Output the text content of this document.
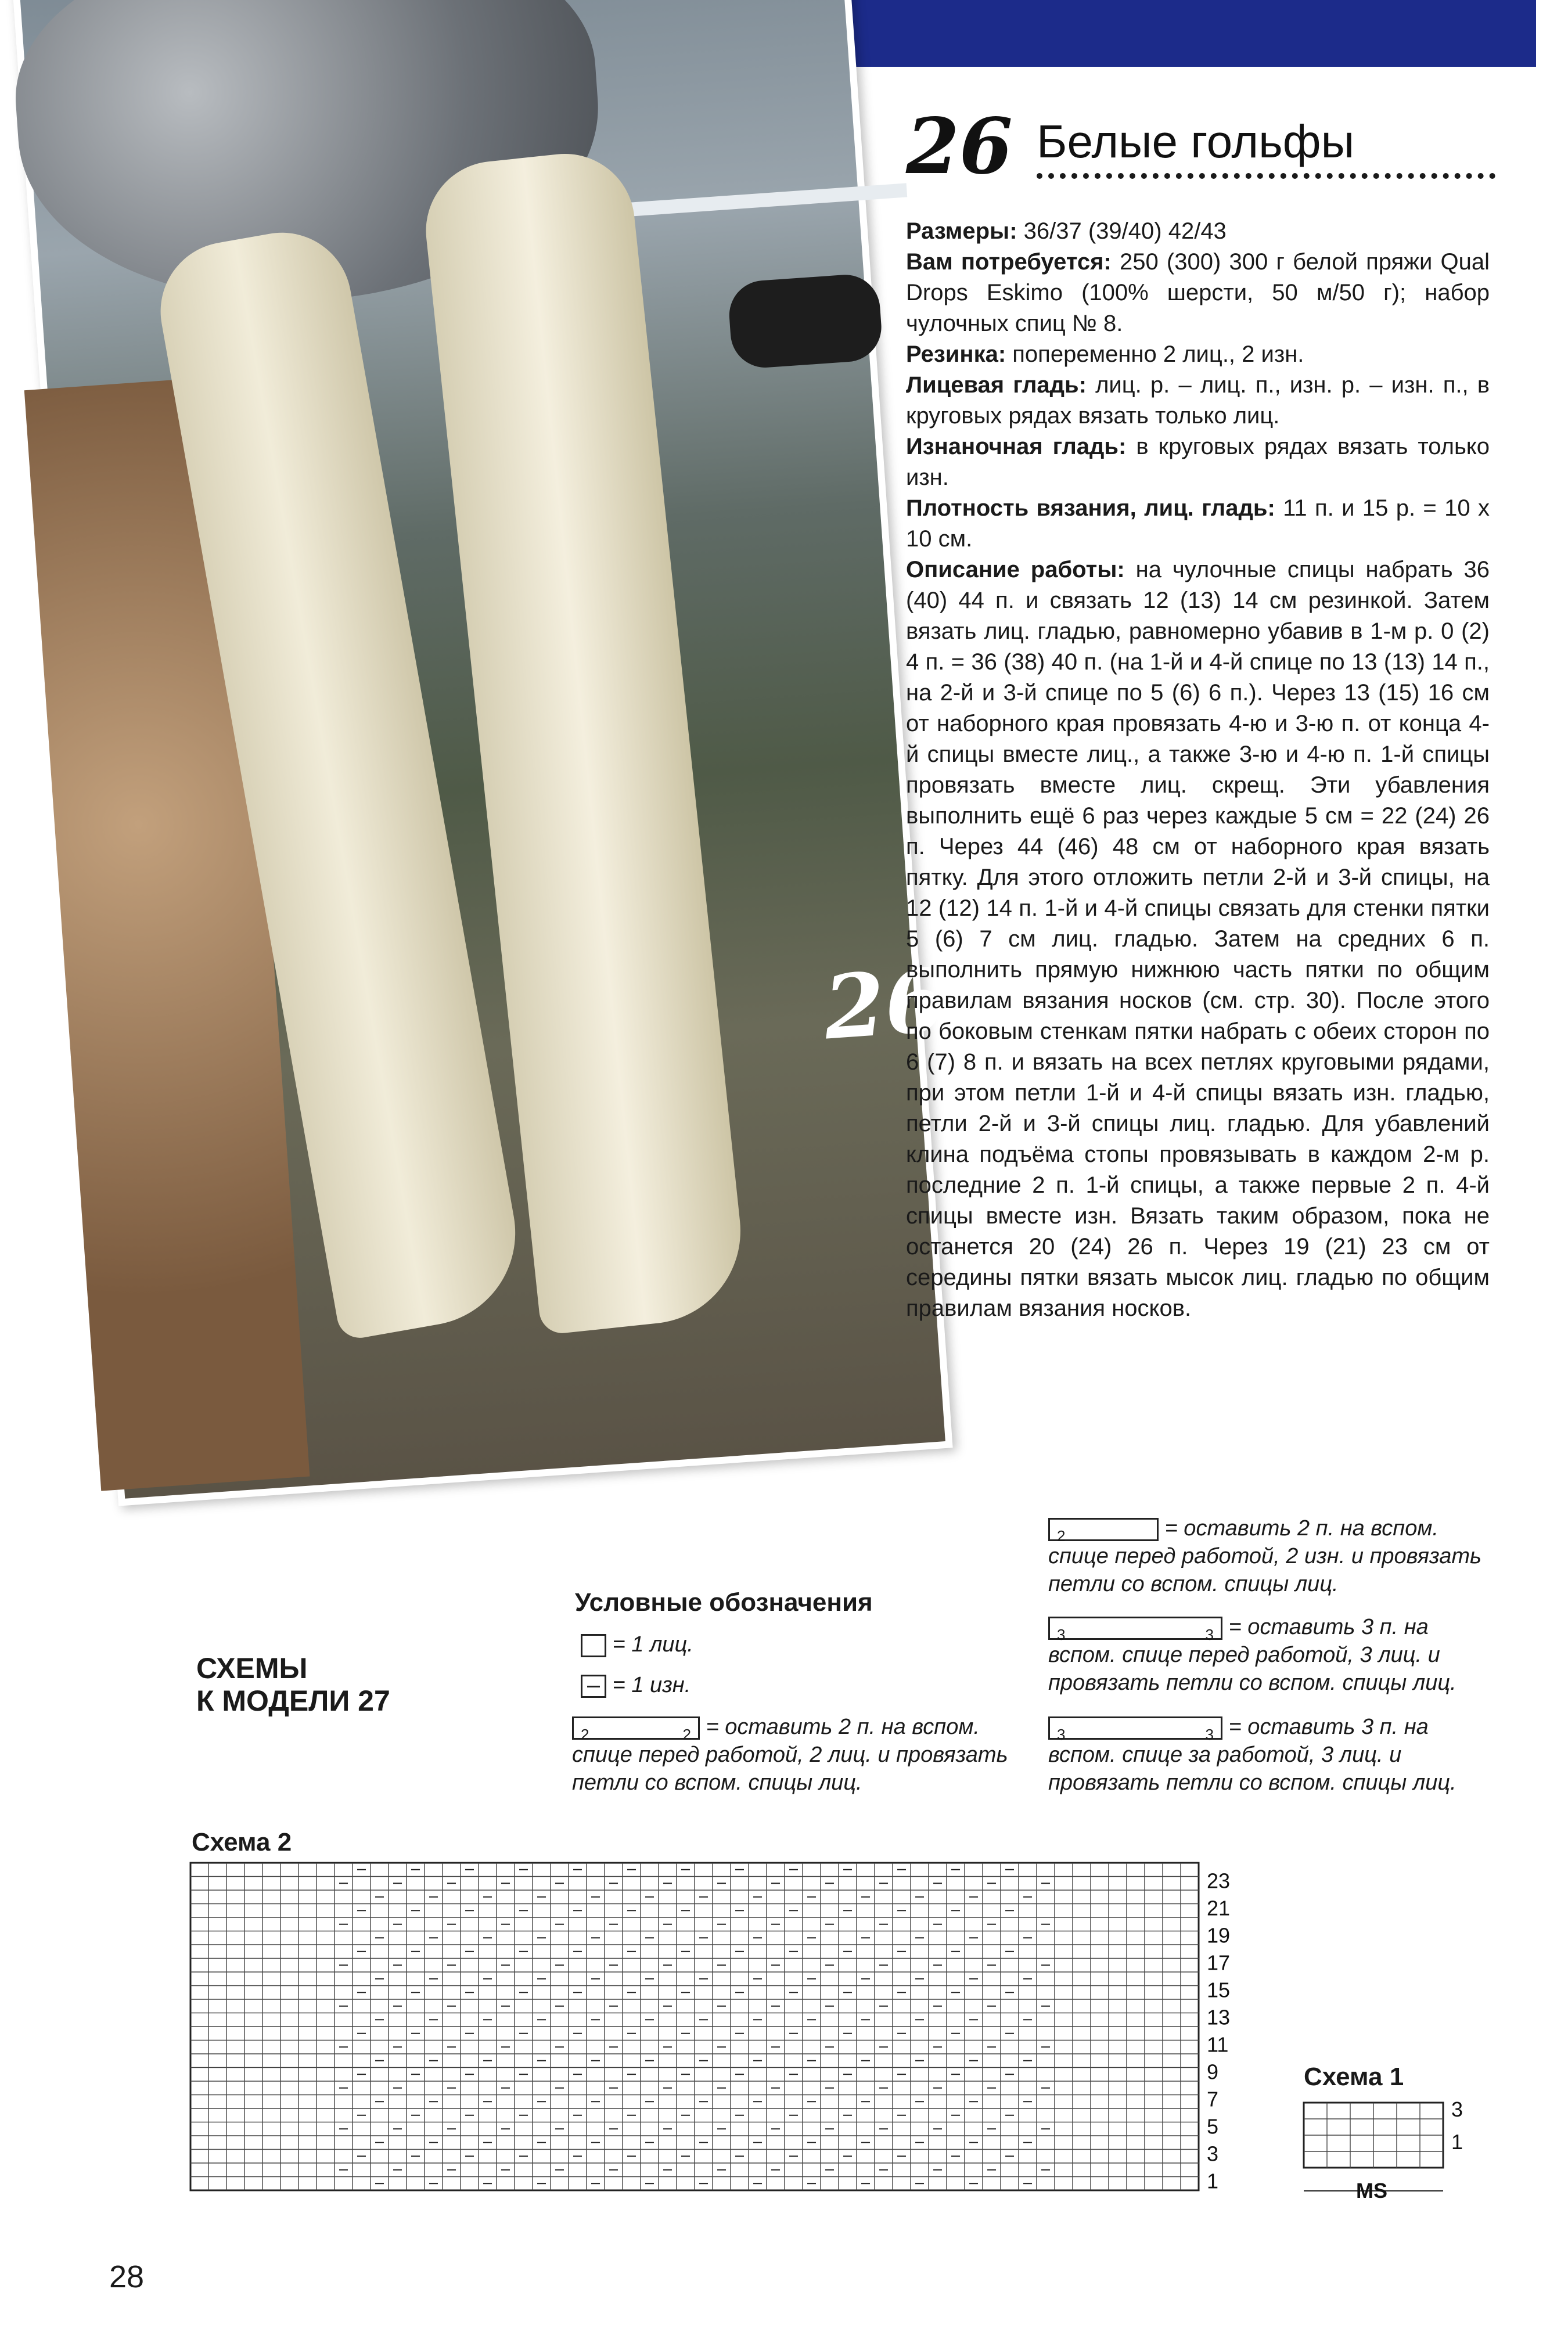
26
26 Белые гольфы

Размеры: 36/37 (39/40) 42/43

Вам потребуется: 250 (300) 300 г белой пряжи Qual Drops Eskimo (100% шерсти, 50 м/50 г); набор чулочных спиц № 8.

Резинка: попеременно 2 лиц., 2 изн.

Лицевая гладь: лиц. р. – лиц. п., изн. р. – изн. п., в круговых рядах вязать только лиц.

Изнаночная гладь: в круговых рядах вязать только изн.

Плотность вязания, лиц. гладь: 11 п. и 15 р. = 10 х 10 см.

Описание работы: на чулочные спицы набрать 36 (40) 44 п. и связать 12 (13) 14 см резинкой. Затем вязать лиц. гладью, равномерно убавив в 1-м р. 0 (2) 4 п. = 36 (38) 40 п. (на 1-й и 4-й спице по 13 (13) 14 п., на 2-й и 3-й спице по 5 (6) 6 п.). Через 13 (15) 16 см от наборного края провязать 4-ю и 3-ю п. от конца 4-й спицы вместе лиц., а также 3-ю и 4-ю п. 1-й спицы провязать вместе лиц. скрещ. Эти убавления выполнить ещё 6 раз через каждые 5 см = 22 (24) 26 п. Через 44 (46) 48 см от наборного края вязать пятку. Для этого отложить петли 2-й и 3-й спицы, на 12 (12) 14 п. 1-й и 4-й спицы связать для стенки пятки 5 (6) 7 см лиц. гладью. Затем на средних 6 п. выполнить прямую нижнюю часть пятки по общим правилам вязания носков (см. стр. 30). После этого по боковым стенкам пятки набрать с обеих сторон по 6 (7) 8 п. и вязать на всех петлях круговыми рядами, при этом петли 1-й и 4-й спицы вязать изн. гладью, петли 2-й и 3-й спицы лиц. гладью. Для убавлений клина подъёма стопы провязывать в каждом 2-м р. последние 2 п. 1-й спицы, а также первые 2 п. 4-й спицы вместе изн. Вязать таким образом, пока не останется 20 (24) 26 п. Через 19 (21) 23 см от середины пятки вязать мысок лиц. гладью по общим правилам вязания носков.

СХЕМЫ
К МОДЕЛИ 27
Условные обозначения
= 1 лиц.
= 1 изн.
2	2 = оставить 2 п. на вспом. спице перед работой, 2 лиц. и провязать петли со вспом. спицы лиц.
2	= оставить 2 п. на вспом. спице перед работой, 2 изн. и провязать петли со вспом. спицы лиц.
3	3 = оставить 3 п. на вспом. спице перед работой, 3 лиц. и провязать петли со вспом. спицы лиц.
3	3 = оставить 3 п. на вспом. спице за работой, 3 лиц. и провязать петли со вспом. спицы лиц.
Схема 2
23
21
19
17
15
13
11
9
7
5
3
1
Схема 1
3
1
MS
28
